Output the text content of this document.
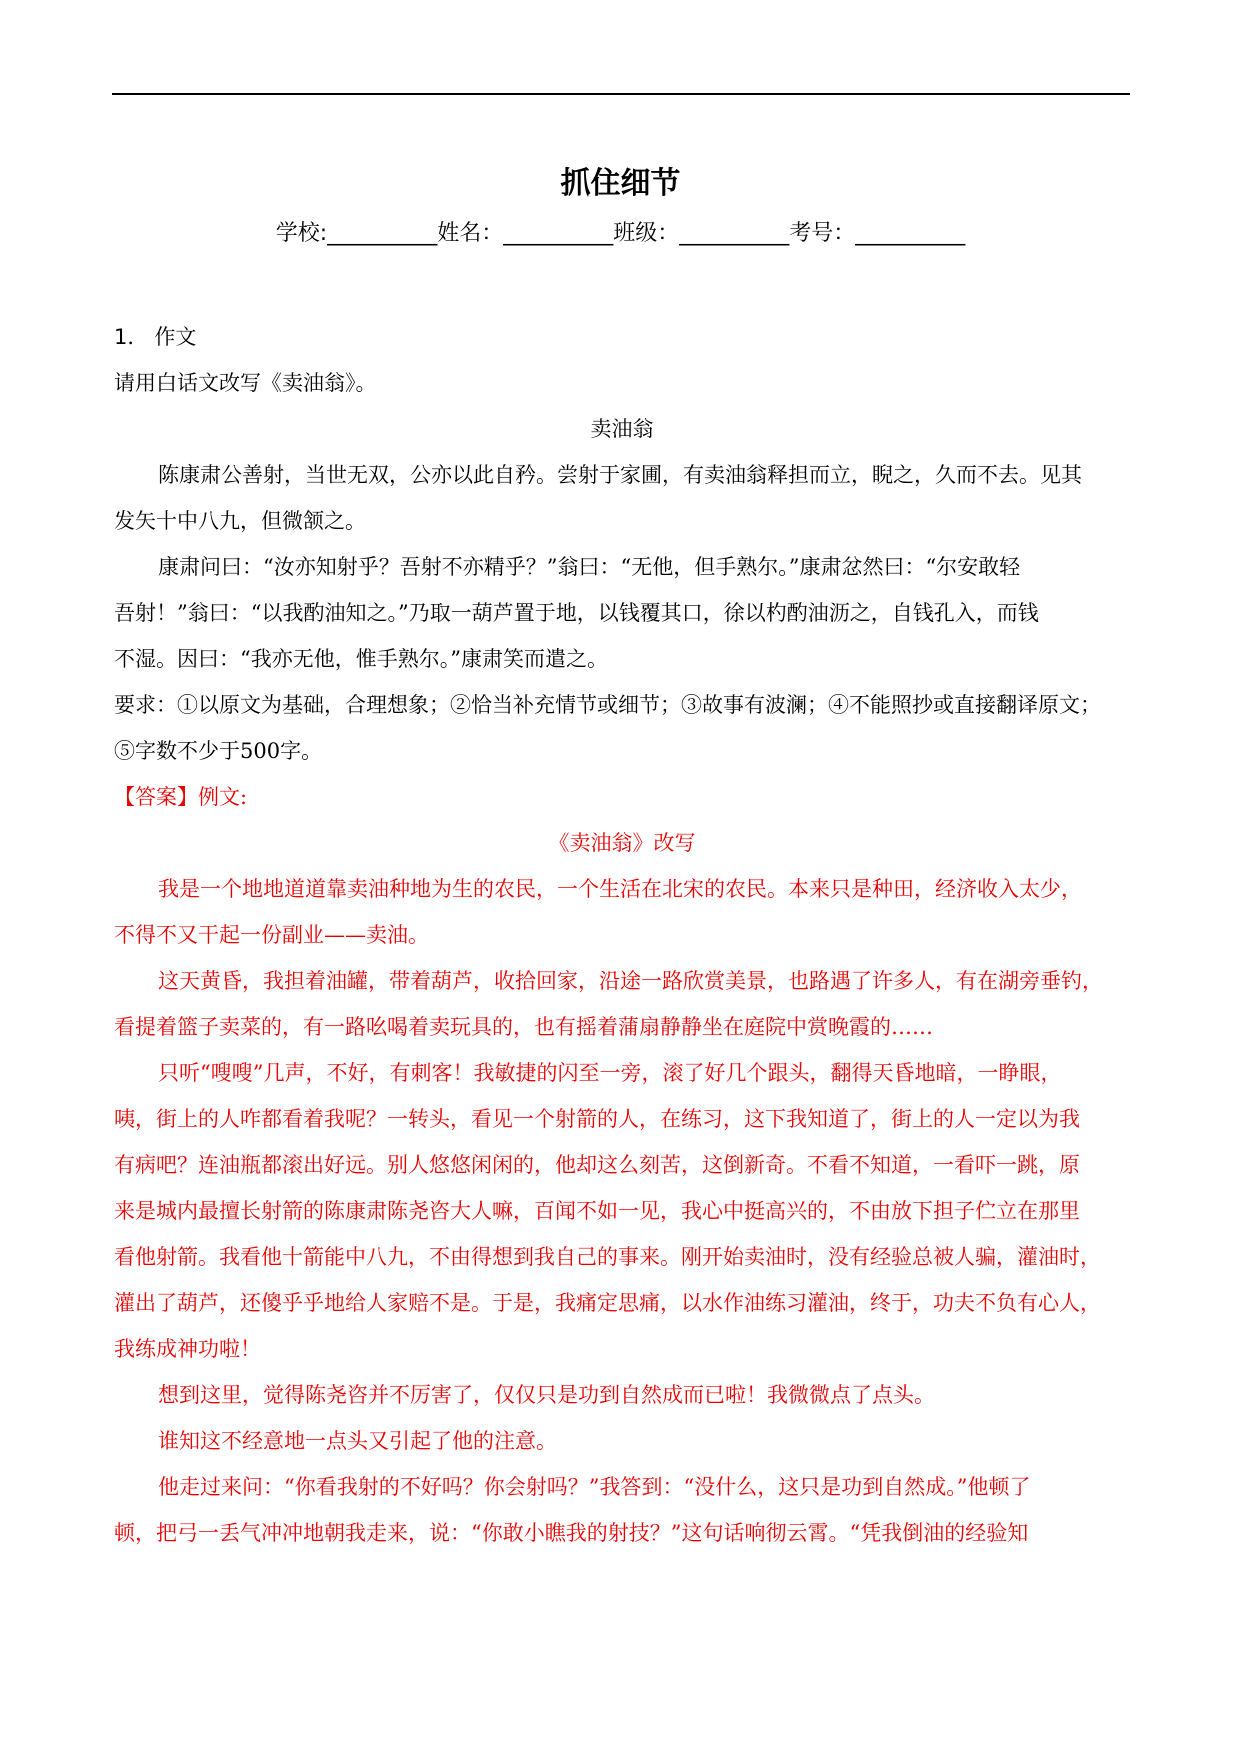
抓住细节
学校:__________姓名：__________班级：__________考号：__________

1． 作文

请用白话文改写《卖油翁》。

卖油翁

陈康肃公善射，当世无双，公亦以此自矜。尝射于家圃，有卖油翁释担而立，睨之，久而不去。见其

发矢十中八九，但微颔之。

康肃问曰：“汝亦知射乎？吾射不亦精乎？”翁曰：“无他，但手熟尔。”康肃忿然曰：“尔安敢轻

吾射！”翁曰：“以我酌油知之。”乃取一葫芦置于地，以钱覆其口，徐以杓酌油沥之，自钱孔入，而钱

不湿。因曰：“我亦无他，惟手熟尔。”康肃笑而遣之。

要求：①以原文为基础，合理想象；②恰当补充情节或细节；③故事有波澜；④不能照抄或直接翻译原文；

⑤字数不少于500字。

【答案】例文:

《卖油翁》改写

我是一个地地道道靠卖油种地为生的农民，一个生活在北宋的农民。本来只是种田，经济收入太少，

不得不又干起一份副业——卖油。

这天黄昏，我担着油罐，带着葫芦，收拾回家，沿途一路欣赏美景，也路遇了许多人，有在湖旁垂钓，

看提着篮子卖菜的，有一路吆喝着卖玩具的，也有摇着蒲扇静静坐在庭院中赏晚霞的……

只听“嗖嗖”几声，不好，有刺客！我敏捷的闪至一旁，滚了好几个跟头，翻得天昏地暗，一睁眼，

咦，街上的人咋都看着我呢？一转头，看见一个射箭的人，在练习，这下我知道了，街上的人一定以为我

有病吧？连油瓶都滚出好远。别人悠悠闲闲的，他却这么刻苦，这倒新奇。不看不知道，一看吓一跳，原

来是城内最擅长射箭的陈康肃陈尧咨大人嘛，百闻不如一见，我心中挺高兴的，不由放下担子伫立在那里

看他射箭。我看他十箭能中八九，不由得想到我自己的事来。刚开始卖油时，没有经验总被人骗，灌油时，

灌出了葫芦，还傻乎乎地给人家赔不是。于是，我痛定思痛，以水作油练习灌油，终于，功夫不负有心人，

我练成神功啦！

想到这里，觉得陈尧咨并不厉害了，仅仅只是功到自然成而已啦！我微微点了点头。

谁知这不经意地一点头又引起了他的注意。

他走过来问：“你看我射的不好吗？你会射吗？”我答到：“没什么，这只是功到自然成。”他顿了

顿，把弓一丢气冲冲地朝我走来，说：“你敢小瞧我的射技？”这句话响彻云霄。“凭我倒油的经验知
